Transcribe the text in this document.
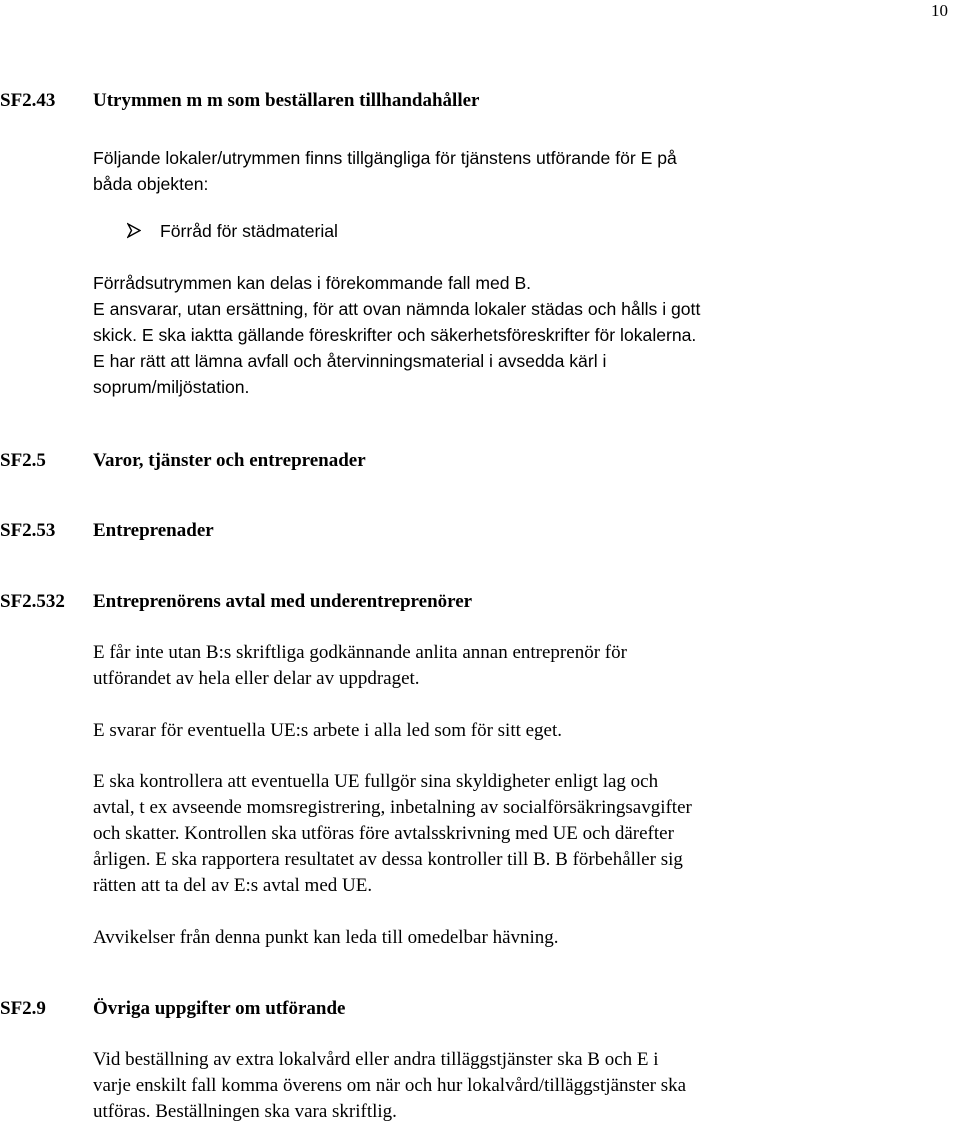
10
SF2.43 Utrymmen m m som beställaren tillhandahåller
Följande lokaler/utrymmen finns tillgängliga för tjänstens utförande för E på
båda objekten:
Förråd för städmaterial
Förrådsutrymmen kan delas i förekommande fall med B.
E ansvarar, utan ersättning, för att ovan nämnda lokaler städas och hålls i gott
skick. E ska iaktta gällande föreskrifter och säkerhetsföreskrifter för lokalerna.
E har rätt att lämna avfall och återvinningsmaterial i avsedda kärl i
soprum/miljöstation.
SF2.5 Varor, tjänster och entreprenader
SF2.53 Entreprenader
SF2.532 Entreprenörens avtal med underentreprenörer
E får inte utan B:s skriftliga godkännande anlita annan entreprenör för
utförandet av hela eller delar av uppdraget.
E svarar för eventuella UE:s arbete i alla led som för sitt eget.
E ska kontrollera att eventuella UE fullgör sina skyldigheter enligt lag och
avtal, t ex avseende momsregistrering, inbetalning av socialförsäkringsavgifter
och skatter. Kontrollen ska utföras före avtalsskrivning med UE och därefter
årligen. E ska rapportera resultatet av dessa kontroller till B. B förbehåller sig
rätten att ta del av E:s avtal med UE.
Avvikelser från denna punkt kan leda till omedelbar hävning.
SF2.9 Övriga uppgifter om utförande
Vid beställning av extra lokalvård eller andra tilläggstjänster ska B och E i
varje enskilt fall komma överens om när och hur lokalvård/tilläggstjänster ska
utföras. Beställningen ska vara skriftlig.
